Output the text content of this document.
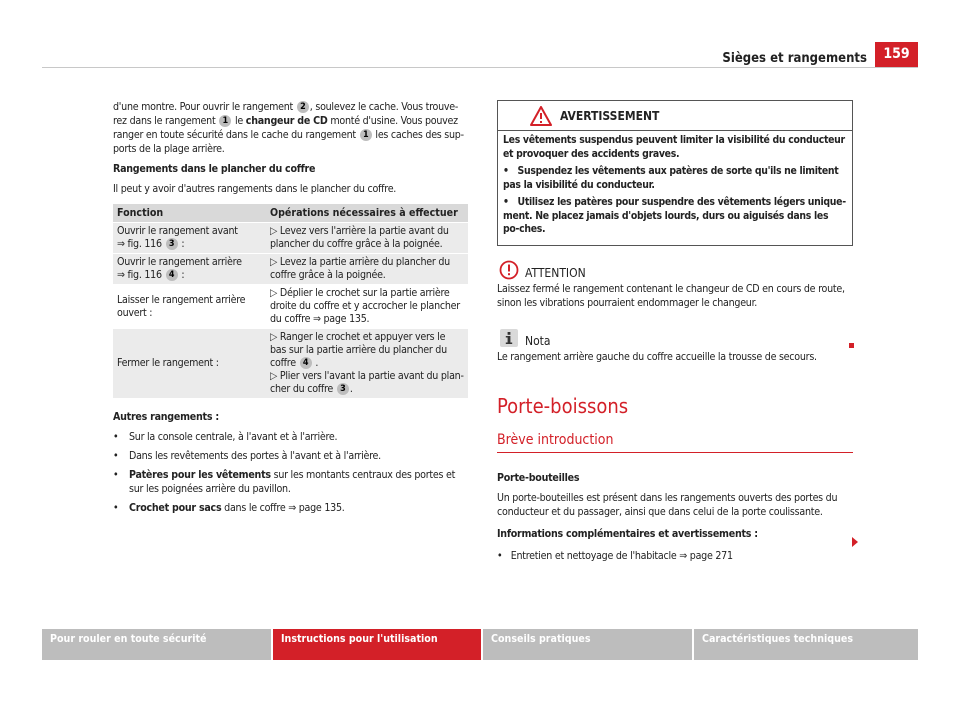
Sièges et rangements	159

d'une montre. Pour ouvrir le rangement 2 , soulevez le cache. Vous trouve-rez dans le rangement 1 le changeur de CD monté d'usine. Vous pouvez ranger en toute sécurité dans le cache du rangement 1 les caches des sup-ports de la plage arrière.

Rangements dans le plancher du coffre

Il peut y avoir d'autres rangements dans le plancher du coffre.

Fonction	Opérations nécessaires à effectuer
Ouvrir le rangement avant
⇒ fig. 116 3 :	▷ Levez vers l'arrière la partie avant du plancher du coffre grâce à la poignée.
Ouvrir le rangement arrière
⇒ fig. 116 4 :	▷ Levez la partie arrière du plancher du coffre grâce à la poignée.
Laisser le rangement arrière ouvert :	▷ Déplier le crochet sur la partie arrière droite du coffre et y accrocher le plancher du coffre ⇒ page 135.
Fermer le rangement :	▷ Ranger le crochet et appuyer vers le bas sur la partie arrière du plancher du coffre 4 .
▷ Plier vers l'avant la partie avant du plan-cher du coffre 3 .

Autres rangements :

• Sur la console centrale, à l'avant et à l'arrière.
• Dans les revêtements des portes à l'avant et à l'arrière.
• Patères pour les vêtements sur les montants centraux des portes et sur les poignées arrière du pavillon.
• Crochet pour sacs dans le coffre ⇒ page 135.
AVERTISSEMENT

Les vêtements suspendus peuvent limiter la visibilité du conducteur et provoquer des accidents graves.

•   Suspendez les vêtements aux patères de sorte qu'ils ne limitent pas la visibilité du conducteur.

•   Utilisez les patères pour suspendre des vêtements légers unique-ment. Ne placez jamais d'objets lourds, durs ou aiguisés dans les po-ches.

ATTENTION

Laissez fermé le rangement contenant le changeur de CD en cours de route, sinon les vibrations pourraient endommager le changeur.

Nota

Le rangement arrière gauche du coffre accueille la trousse de secours.

Porte-boissons
Brève introduction

Porte-bouteilles

Un porte-bouteilles est présent dans les rangements ouverts des portes du conducteur et du passager, ainsi que dans celui de la porte coulissante.

Informations complémentaires et avertissements :

•   Entretien et nettoyage de l'habitacle ⇒ page 271

Pour rouler en toute sécurité	Instructions pour l'utilisation	Conseils pratiques	Caractéristiques techniques
